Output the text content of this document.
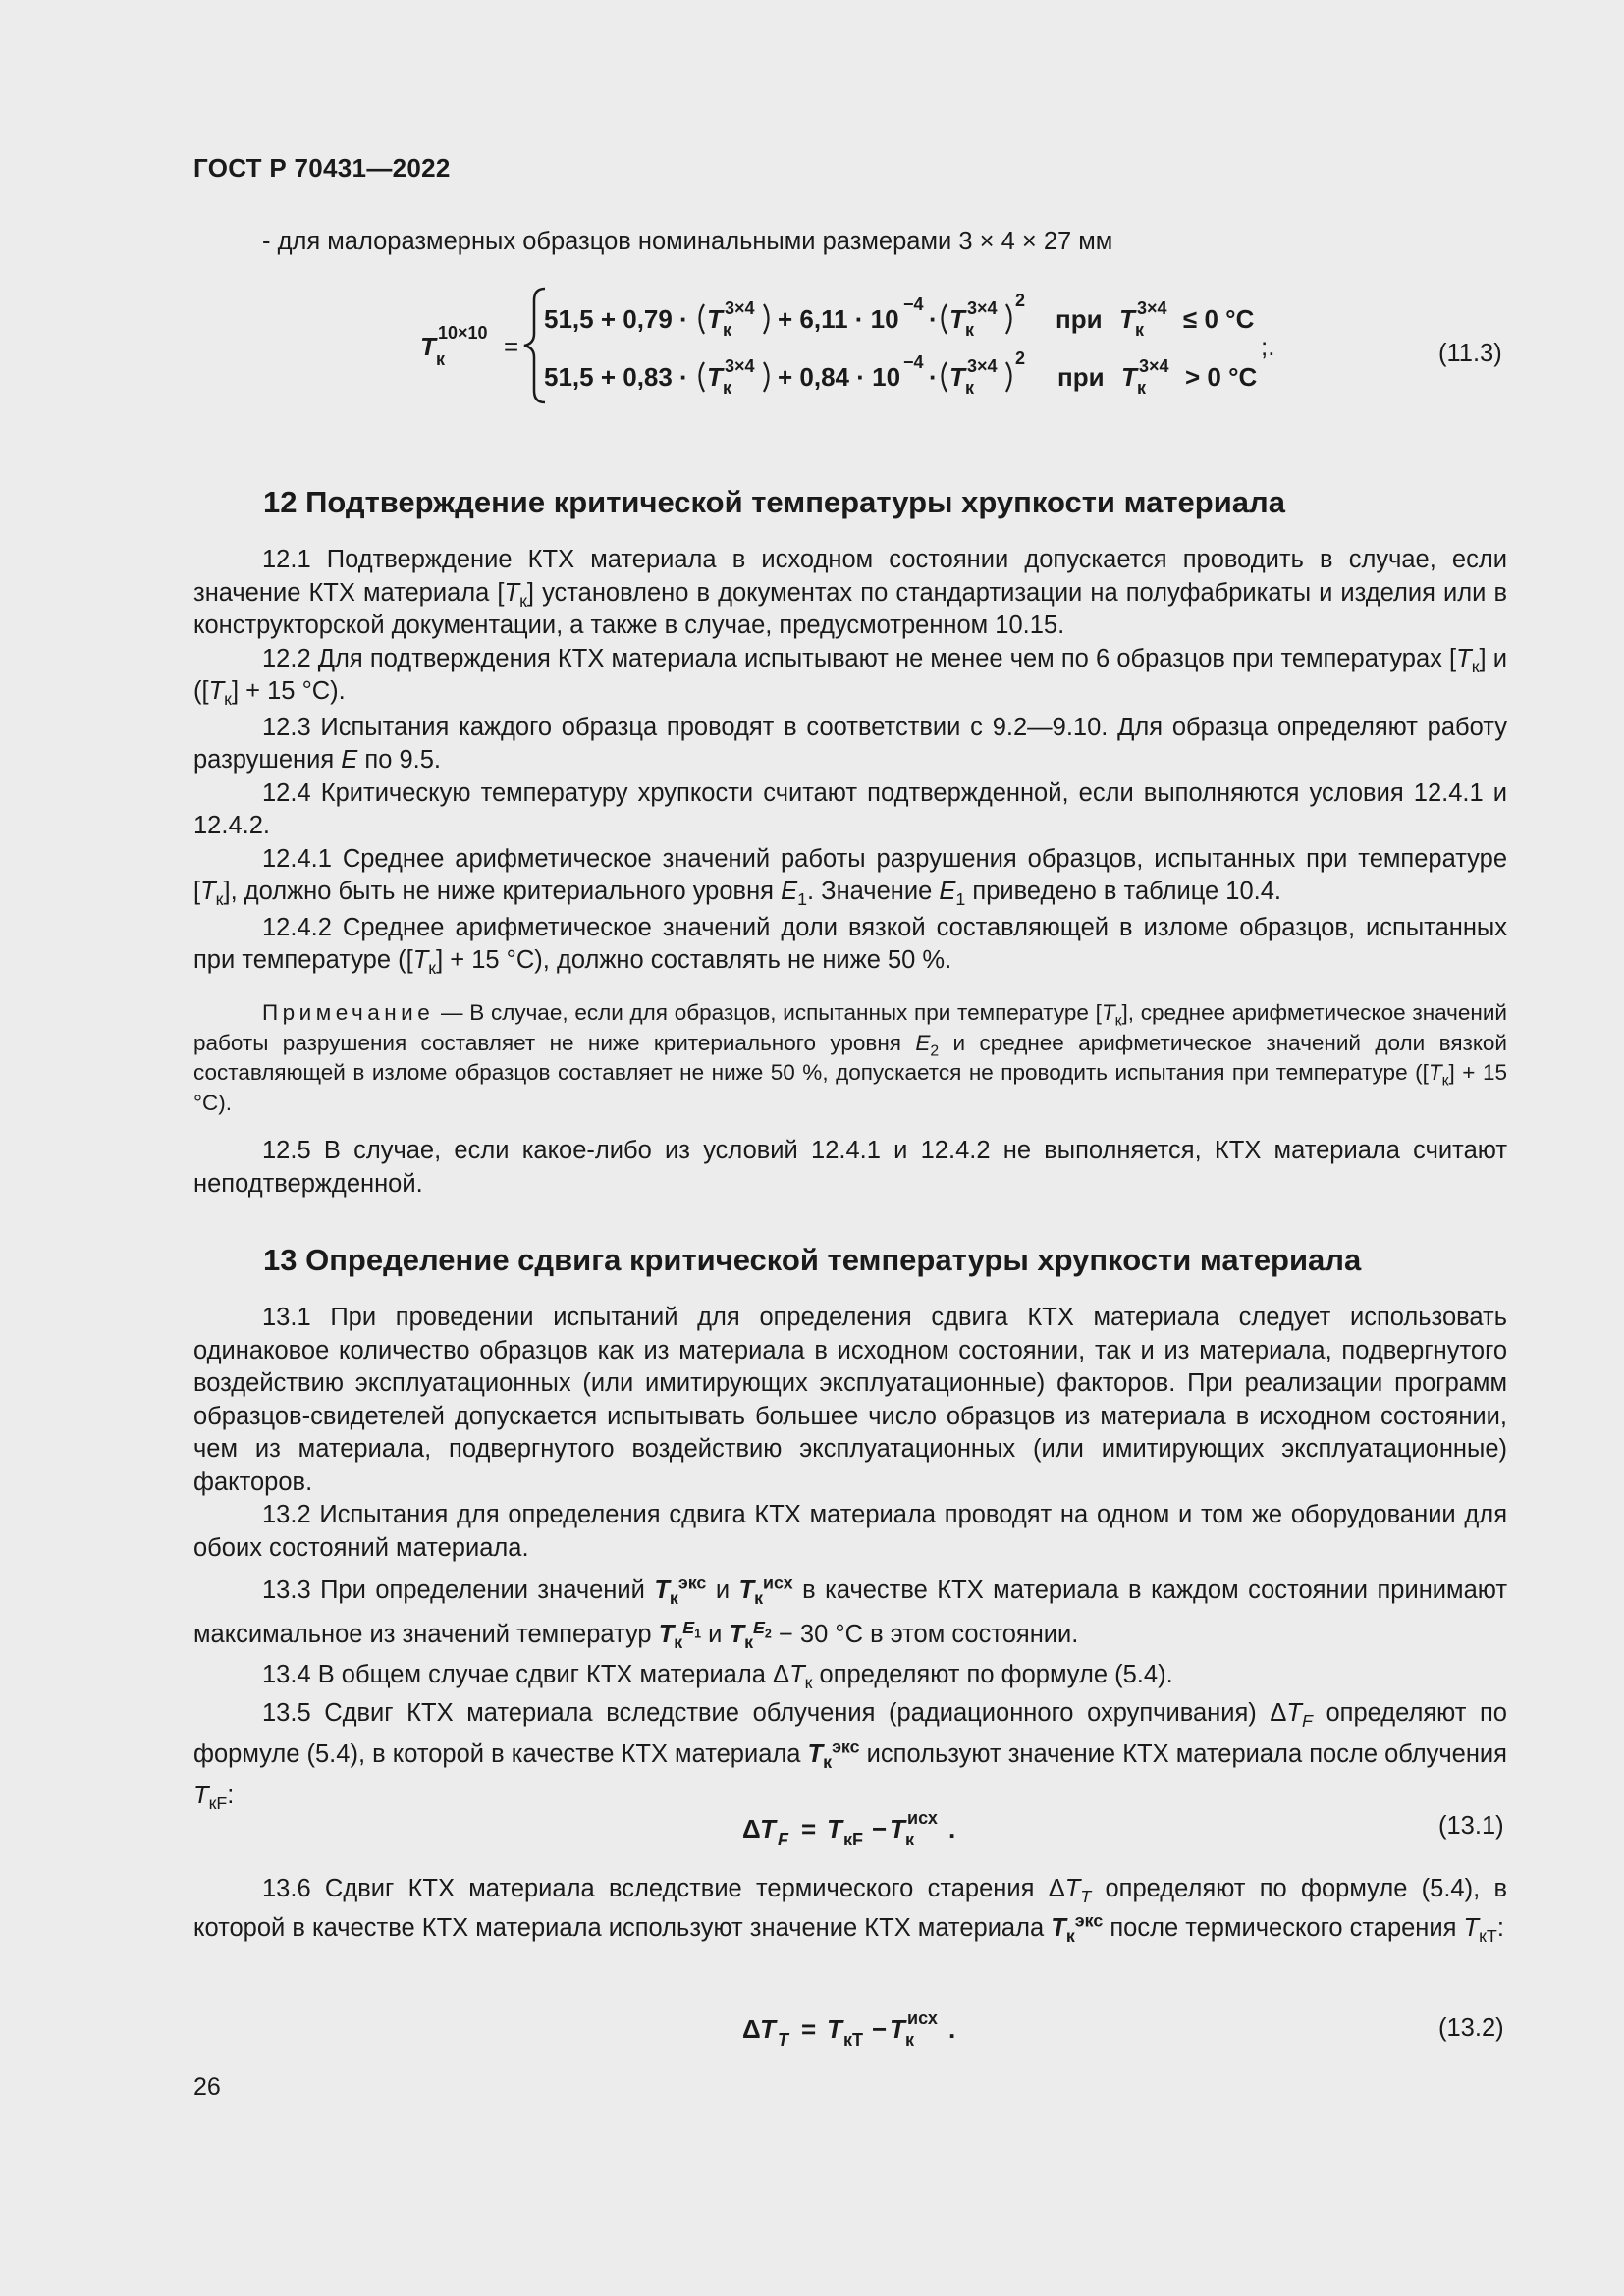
ГОСТ Р 70431—2022

- для малоразмерных образцов номинальными размерами 3 × 4 × 27 мм

T к
10×10 =
51,5 + 0,79 · T к
3×4 + 6,11 · 10 −4 · T к
3×4 2
при T к
3×4 ≤ 0 °C
51,5 + 0,83 · T к
3×4 + 0,84 · 10 −4 · T к
3×4 2
при T к
3×4 > 0 °C
;.	(11.3)
12 Подтверждение критической температуры хрупкости материала

12.1 Подтверждение КТХ материала в исходном состоянии допускается проводить в случае, если значение КТХ материала $[T_к]$ установлено в документах по стандартизации на полуфабрикаты и изделия или в конструкторской документации, а также в случае, предусмотренном 10.15.

12.2 Для подтверждения КТХ материала испытывают не менее чем по 6 образцов при температурах $[T_к]$ и ($[T_к] + 15$ °C).

12.3 Испытания каждого образца проводят в соответствии с 9.2—9.10. Для образца определяют работу разрушения E по 9.5.

12.4 Критическую температуру хрупкости считают подтвержденной, если выполняются условия 12.4.1 и 12.4.2.

12.4.1 Среднее арифметическое значений работы разрушения образцов, испытанных при температуре $[T_к]$, должно быть не ниже критериального уровня $E_1$. Значение $E_1$ приведено в таблице 10.4.

12.4.2 Среднее арифметическое значений доли вязкой составляющей в изломе образцов, испытанных при температуре ($[T_к] + 15$ °C), должно составлять не ниже 50 %.

Примечание — В случае, если для образцов, испытанных при температуре $[T_к]$, среднее арифметическое значений работы разрушения составляет не ниже критериального уровня $E_2$ и среднее арифметическое значений доли вязкой составляющей в изломе образцов составляет не ниже 50 %, допускается не проводить испытания при температуре ($[T_к] + 15$ °C).

12.5 В случае, если какое-либо из условий 12.4.1 и 12.4.2 не выполняется, КТХ материала считают неподтвержденной.

13 Определение сдвига критической температуры хрупкости материала

13.1 При проведении испытаний для определения сдвига КТХ материала следует использовать одинаковое количество образцов как из материала в исходном состоянии, так и из материала, подвергнутого воздействию эксплуатационных (или имитирующих эксплуатационные) факторов. При реализации программ образцов-свидетелей допускается испытывать большее число образцов из материала в исходном состоянии, чем из материала, подвергнутого воздействию эксплуатационных (или имитирующих эксплуатационные) факторов.

13.2 Испытания для определения сдвига КТХ материала проводят на одном и том же оборудовании для обоих состояний материала.

13.3 При определении значений $T_к^{экс}$ и $T_к^{исх}$ в качестве КТХ материала в каждом состоянии принимают максимальное из значений температур $T_к^{E_1}$ и $T_к^{E_2} - 30$ °C в этом состоянии.

13.4 В общем случае сдвиг КТХ материала $\Delta T_к$ определяют по формуле (5.4).

13.5 Сдвиг КТХ материала вследствие облучения (радиационного охрупчивания) $\Delta T_F$ определяют по формуле (5.4), в которой в качестве КТХ материала $T_к^{экс}$ используют значение КТХ материала после облучения $T_{кF}$:

Δ T F = T кF − T к
исх .	(13.1)

13.6 Сдвиг КТХ материала вследствие термического старения $\Delta T_T$ определяют по формуле (5.4), в которой в качестве КТХ материала используют значение КТХ материала $T_к^{экс}$ после термического старения $T_{кT}$:

Δ T T = T кT − T к
исх .	(13.2)
26
